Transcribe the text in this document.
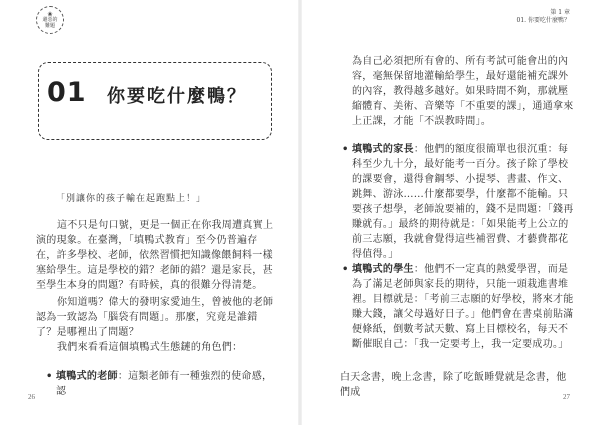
❀
避惡的
難題
01 你要吃什麼鴨？
「別讓你的孩子輸在起跑點上！」

這不只是句口號，更是一個正在你我周遭真實上演的現象。在臺灣，「填鴨式教育」至今仍普遍存在，許多學校、老師，依然習慣把知識像餵飼料一樣塞給學生。這是學校的錯？老師的錯？還是家長，甚至學生本身的問題？有時候，真的很難分得清楚。

你知道嗎？偉大的發明家愛迪生，曾被他的老師認為一致認為「腦袋有問題」。那麼，究竟是誰錯了？是哪裡出了問題？

我們來看看這個填鴨式生態鏈的角色們：

• 填鴨式的老師：這類老師有一種強烈的使命感，認
26
第 1 章
01. 你要吃什麼鴨？

為自己必須把所有會的、所有考試可能會出的內容，毫無保留地灌輸給學生，最好還能補充課外的內容，教得越多越好。如果時間不夠，那就壓縮體育、美術、音樂等「不重要的課」，通通拿來上正課，才能「不誤教時間」。

• 填鴨式的家長：他們的額度很簡單也很沉重：每科至少九十分，最好能考一百分。孩子除了學校的課要會，還得會鋼琴、小提琴、書畫、作文、跳舞、游泳……什麼都要學，什麼都不能輸。只要孩子想學，老師說要補的，錢不是問題：「錢再賺就有。」最終的期待就是：「如果能考上公立的前三志願，我就會覺得這些補習費、才藝費都花得值得。」
• 填鴨式的學生：他們不一定真的熱愛學習，而是為了滿足老師與家長的期待，只能一頭栽進書堆裡。目標就是：「考前三志願的好學校，將來才能賺大錢，讓父母過好日子。」他們會在書桌前貼滿便條紙，倒數考試天數、寫上目標校名，每天不斷催眠自己：「我一定要考上，我一定要成功。」

白天念書，晚上念書，除了吃飯睡覺就是念書，他們成	27
